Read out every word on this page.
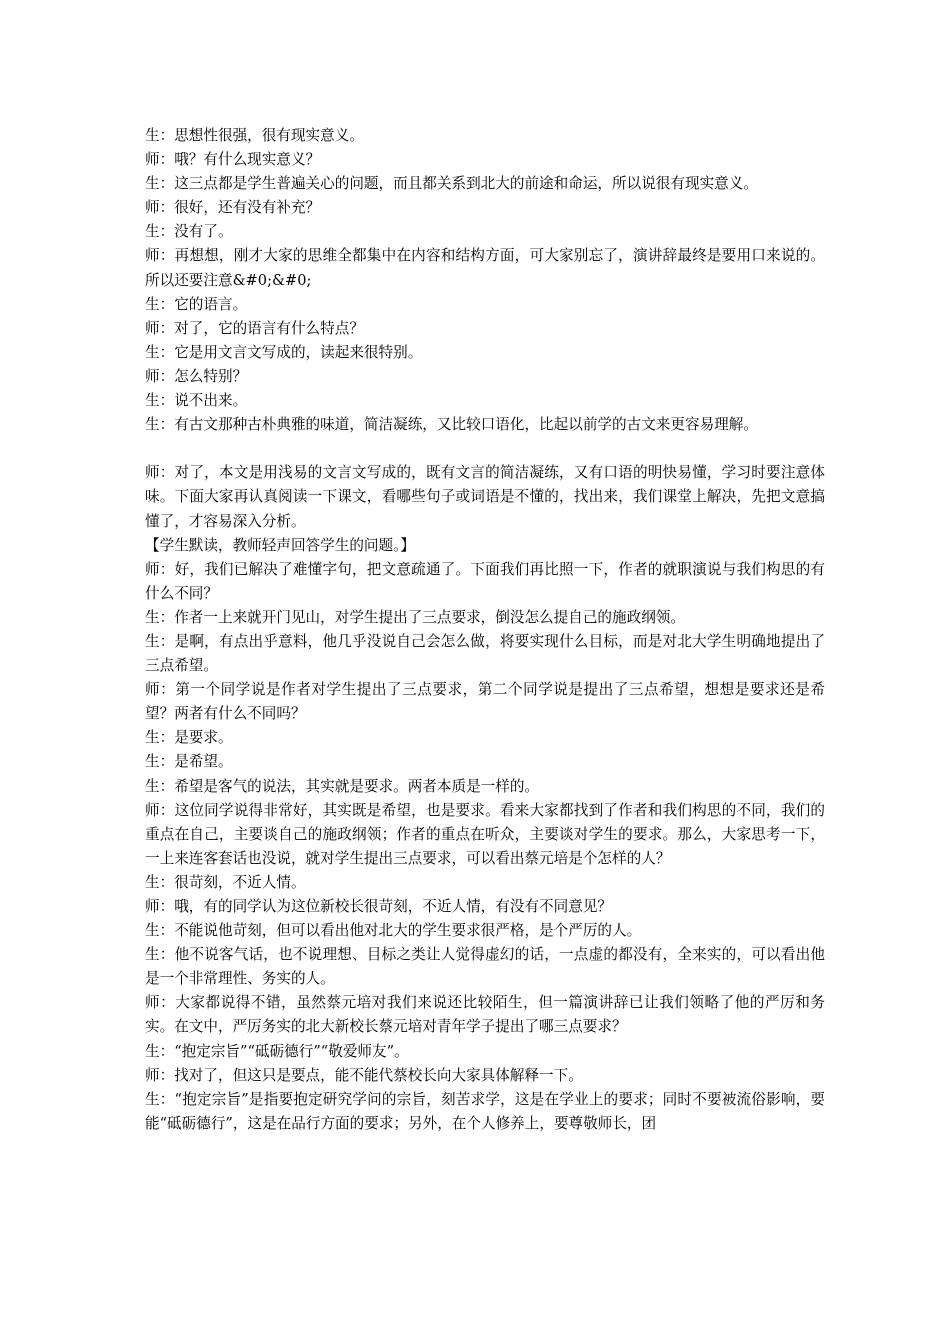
生：思想性很强，很有现实意义。

师：哦？有什么现实意义？

生：这三点都是学生普遍关心的问题，而且都关系到北大的前途和命运，所以说很有现实意义。

师：很好，还有没有补充？

生：没有了。

师：再想想，刚才大家的思维全都集中在内容和结构方面，可大家别忘了，演讲辞最终是要用口来说的。所以还要注意&#0;&#0;

生：它的语言。

师：对了，它的语言有什么特点？

生：它是用文言文写成的，读起来很特别。

师：怎么特别？

生：说不出来。

生：有古文那种古朴典雅的味道，简洁凝练，又比较口语化，比起以前学的古文来更容易理解。

师：对了，本文是用浅易的文言文写成的，既有文言的简洁凝练，又有口语的明快易懂，学习时要注意体味。下面大家再认真阅读一下课文，看哪些句子或词语是不懂的，找出来，我们课堂上解决，先把文意搞懂了，才容易深入分析。

【学生默读，教师轻声回答学生的问题。】

师：好，我们已解决了难懂字句，把文意疏通了。下面我们再比照一下，作者的就职演说与我们构思的有什么不同？

生：作者一上来就开门见山，对学生提出了三点要求，倒没怎么提自己的施政纲领。

生：是啊，有点出乎意料，他几乎没说自己会怎么做，将要实现什么目标，而是对北大学生明确地提出了三点希望。

师：第一个同学说是作者对学生提出了三点要求，第二个同学说是提出了三点希望，想想是要求还是希望？两者有什么不同吗？

生：是要求。

生：是希望。

生：希望是客气的说法，其实就是要求。两者本质是一样的。

师：这位同学说得非常好，其实既是希望，也是要求。看来大家都找到了作者和我们构思的不同，我们的重点在自己，主要谈自己的施政纲领；作者的重点在听众，主要谈对学生的要求。那么，大家思考一下，一上来连客套话也没说，就对学生提出三点要求，可以看出蔡元培是个怎样的人？

生：很苛刻，不近人情。

师：哦，有的同学认为这位新校长很苛刻，不近人情，有没有不同意见？

生：不能说他苛刻，但可以看出他对北大的学生要求很严格，是个严厉的人。

生：他不说客气话，也不说理想、目标之类让人觉得虚幻的话，一点虚的都没有，全来实的，可以看出他是一个非常理性、务实的人。

师：大家都说得不错，虽然蔡元培对我们来说还比较陌生，但一篇演讲辞已让我们领略了他的严厉和务实。在文中，严厉务实的北大新校长蔡元培对青年学子提出了哪三点要求？

生：“抱定宗旨”“砥砺德行”“敬爱师友”。

师：找对了，但这只是要点，能不能代蔡校长向大家具体解释一下。

生：“抱定宗旨”是指要抱定研究学问的宗旨，刻苦求学，这是在学业上的要求；同时不要被流俗影响，要能“砥砺德行”，这是在品行方面的要求；另外，在个人修养上，要尊敬师长，团
